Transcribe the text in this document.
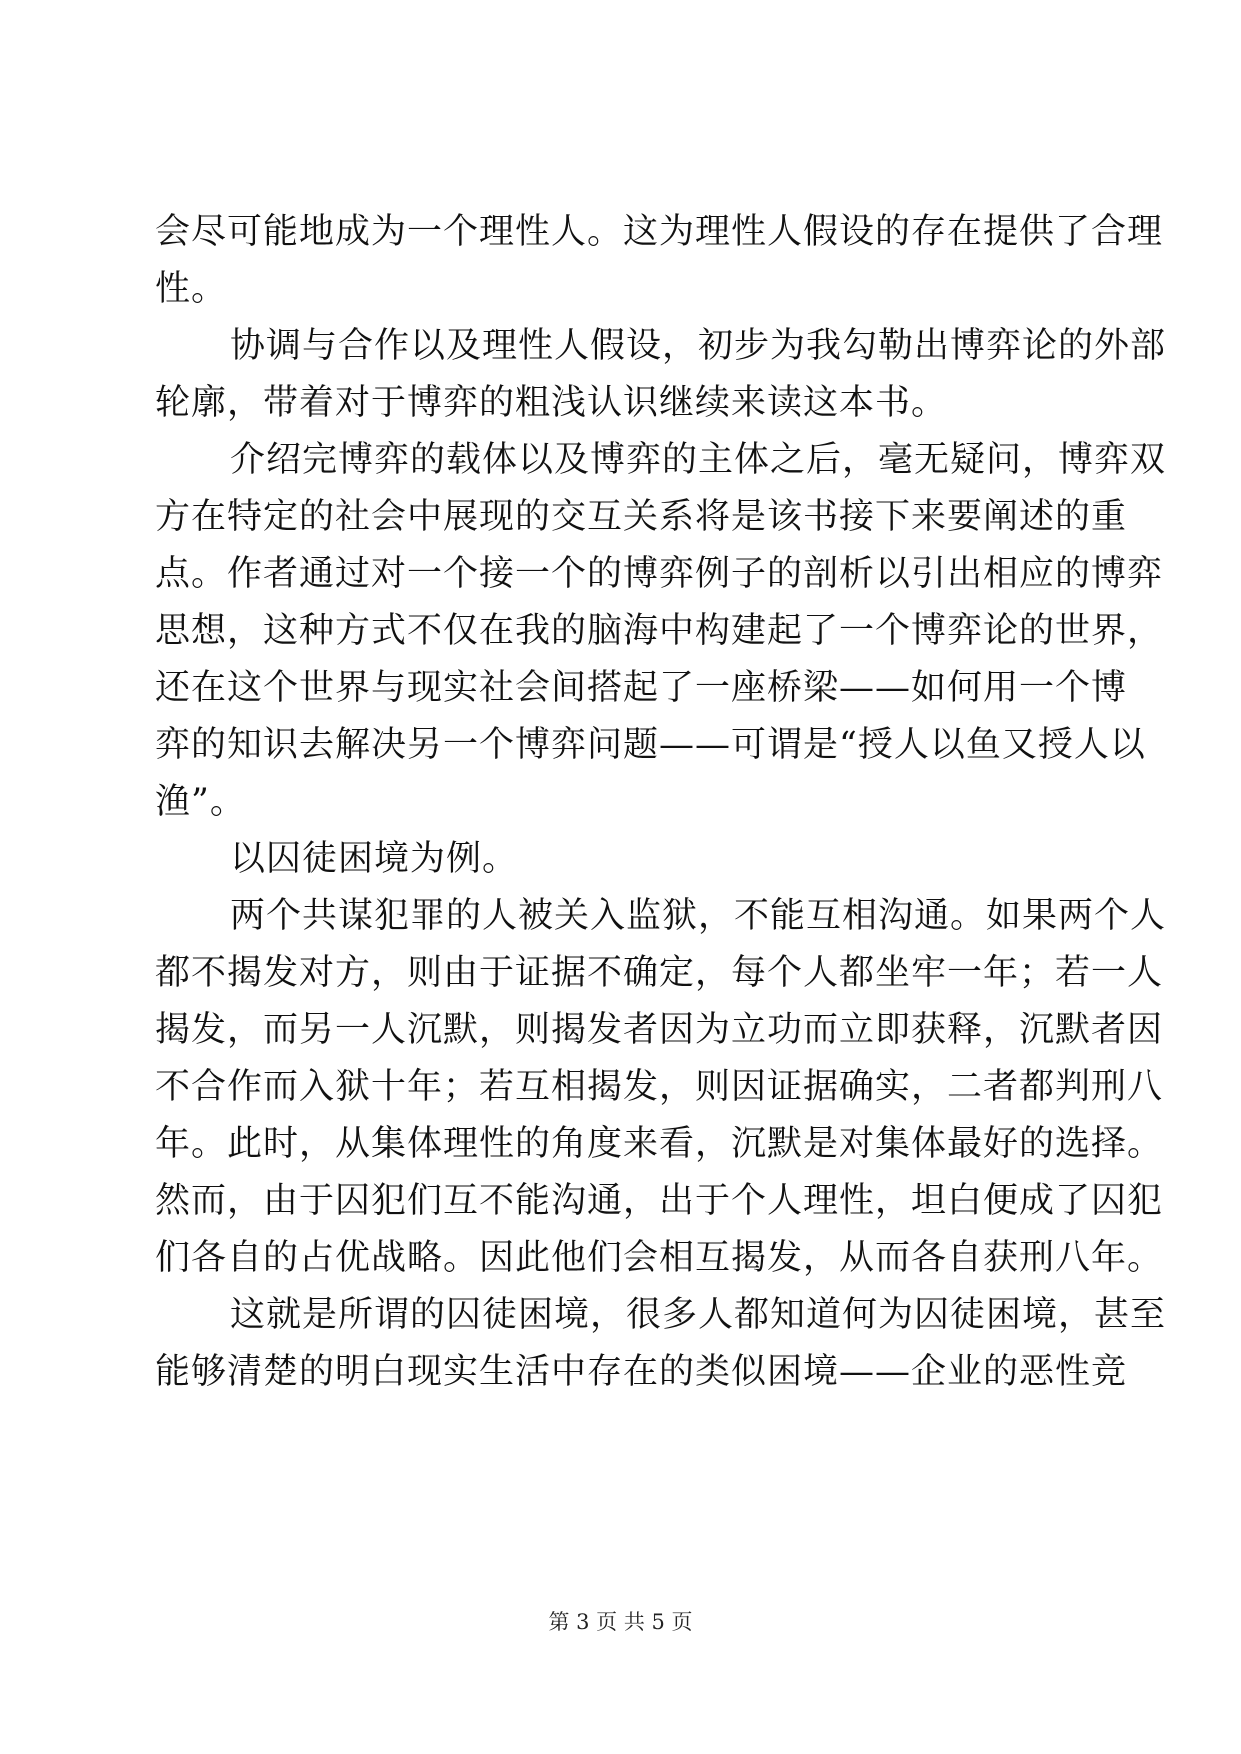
会尽可能地成为一个理性人。这为理性人假设的存在提供了合理
性。
协调与合作以及理性人假设，初步为我勾勒出博弈论的外部
轮廓，带着对于博弈的粗浅认识继续来读这本书。
介绍完博弈的载体以及博弈的主体之后，毫无疑问，博弈双
方在特定的社会中展现的交互关系将是该书接下来要阐述的重
点。作者通过对一个接一个的博弈例子的剖析以引出相应的博弈
思想，这种方式不仅在我的脑海中构建起了一个博弈论的世界，
还在这个世界与现实社会间搭起了一座桥梁——如何用一个博
弈的知识去解决另一个博弈问题——可谓是“授人以鱼又授人以
渔”。
以囚徒困境为例。
两个共谋犯罪的人被关入监狱，不能互相沟通。如果两个人
都不揭发对方，则由于证据不确定，每个人都坐牢一年；若一人
揭发，而另一人沉默，则揭发者因为立功而立即获释，沉默者因
不合作而入狱十年；若互相揭发，则因证据确实，二者都判刑八
年。此时，从集体理性的角度来看，沉默是对集体最好的选择。
然而，由于囚犯们互不能沟通，出于个人理性，坦白便成了囚犯
们各自的占优战略。因此他们会相互揭发，从而各自获刑八年。
这就是所谓的囚徒困境，很多人都知道何为囚徒困境，甚至
能够清楚的明白现实生活中存在的类似困境——企业的恶性竞
第 3 页 共 5 页
